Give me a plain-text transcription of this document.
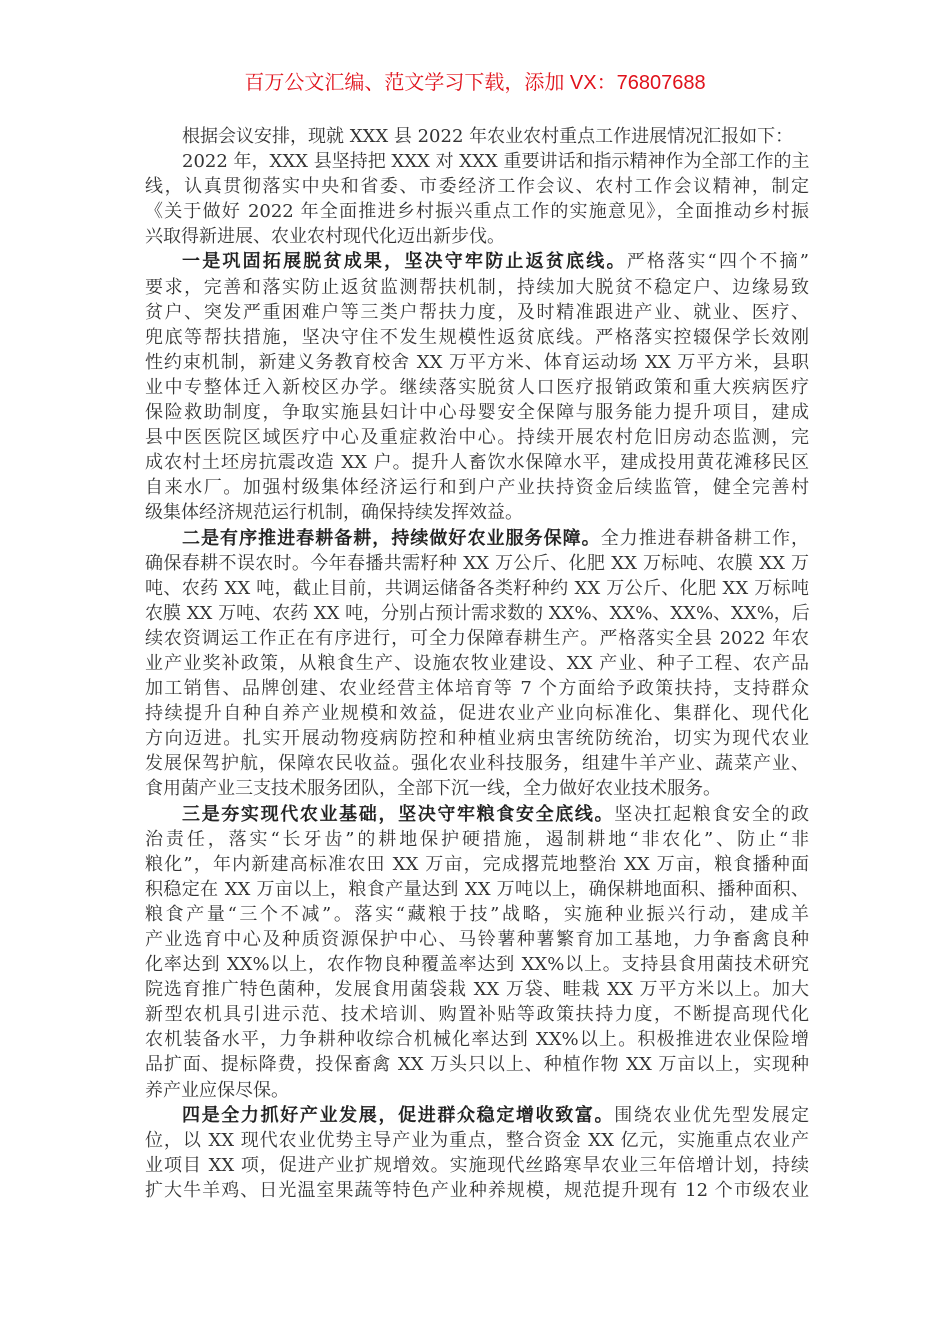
百万公文汇编、范文学习下载，添加 VX：76807688
根据会议安排，现就 XXX 县 2022 年农业农村重点工作进展情况汇报如下：
2022 年，XXX 县坚持把 XXX 对 XXX 重要讲话和指示精神作为全部工作的主
线，认真贯彻落实中央和省委、市委经济工作会议、农村工作会议精神，制定
《关于做好 2022 年全面推进乡村振兴重点工作的实施意见》，全面推动乡村振
兴取得新进展、农业农村现代化迈出新步伐。
一是巩固拓展脱贫成果，坚决守牢防止返贫底线。严格落实“四个不摘”
要求，完善和落实防止返贫监测帮扶机制，持续加大脱贫不稳定户、边缘易致
贫户、突发严重困难户等三类户帮扶力度，及时精准跟进产业、就业、医疗、
兜底等帮扶措施，坚决守住不发生规模性返贫底线。严格落实控辍保学长效刚
性约束机制，新建义务教育校舍 XX 万平方米、体育运动场 XX 万平方米，县职
业中专整体迁入新校区办学。继续落实脱贫人口医疗报销政策和重大疾病医疗
保险救助制度，争取实施县妇计中心母婴安全保障与服务能力提升项目，建成
县中医医院区域医疗中心及重症救治中心。持续开展农村危旧房动态监测，完
成农村土坯房抗震改造 XX 户。提升人畜饮水保障水平，建成投用黄花滩移民区
自来水厂。加强村级集体经济运行和到户产业扶持资金后续监管，健全完善村
级集体经济规范运行机制，确保持续发挥效益。
二是有序推进春耕备耕，持续做好农业服务保障。全力推进春耕备耕工作，
确保春耕不误农时。今年春播共需籽种 XX 万公斤、化肥 XX 万标吨、农膜 XX 万
吨、农药 XX 吨，截止目前，共调运储备各类籽种约 XX 万公斤、化肥 XX 万标吨
农膜 XX 万吨、农药 XX 吨，分别占预计需求数的 XX%、XX%、XX%、XX%，后
续农资调运工作正在有序进行，可全力保障春耕生产。严格落实全县 2022 年农
业产业奖补政策，从粮食生产、设施农牧业建设、XX 产业、种子工程、农产品
加工销售、品牌创建、农业经营主体培育等 7 个方面给予政策扶持，支持群众
持续提升自种自养产业规模和效益，促进农业产业向标准化、集群化、现代化
方向迈进。扎实开展动物疫病防控和种植业病虫害统防统治，切实为现代农业
发展保驾护航，保障农民收益。强化农业科技服务，组建牛羊产业、蔬菜产业、
食用菌产业三支技术服务团队，全部下沉一线，全力做好农业技术服务。
三是夯实现代农业基础，坚决守牢粮食安全底线。坚决扛起粮食安全的政
治责任，落实“长牙齿”的耕地保护硬措施，遏制耕地“非农化”、防止“非
粮化”，年内新建高标准农田 XX 万亩，完成撂荒地整治 XX 万亩，粮食播种面
积稳定在 XX 万亩以上，粮食产量达到 XX 万吨以上，确保耕地面积、播种面积、
粮食产量“三个不减”。落实“藏粮于技”战略，实施种业振兴行动，建成羊
产业选育中心及种质资源保护中心、马铃薯种薯繁育加工基地，力争畜禽良种
化率达到 XX%以上，农作物良种覆盖率达到 XX%以上。支持县食用菌技术研究
院选育推广特色菌种，发展食用菌袋栽 XX 万袋、畦栽 XX 万平方米以上。加大
新型农机具引进示范、技术培训、购置补贴等政策扶持力度，不断提高现代化
农机装备水平，力争耕种收综合机械化率达到 XX%以上。积极推进农业保险增
品扩面、提标降费，投保畜禽 XX 万头只以上、种植作物 XX 万亩以上，实现种
养产业应保尽保。
四是全力抓好产业发展，促进群众稳定增收致富。围绕农业优先型发展定
位，以 XX 现代农业优势主导产业为重点，整合资金 XX 亿元，实施重点农业产
业项目 XX 项，促进产业扩规增效。实施现代丝路寒旱农业三年倍增计划，持续
扩大牛羊鸡、日光温室果蔬等特色产业种养规模，规范提升现有 12 个市级农业
